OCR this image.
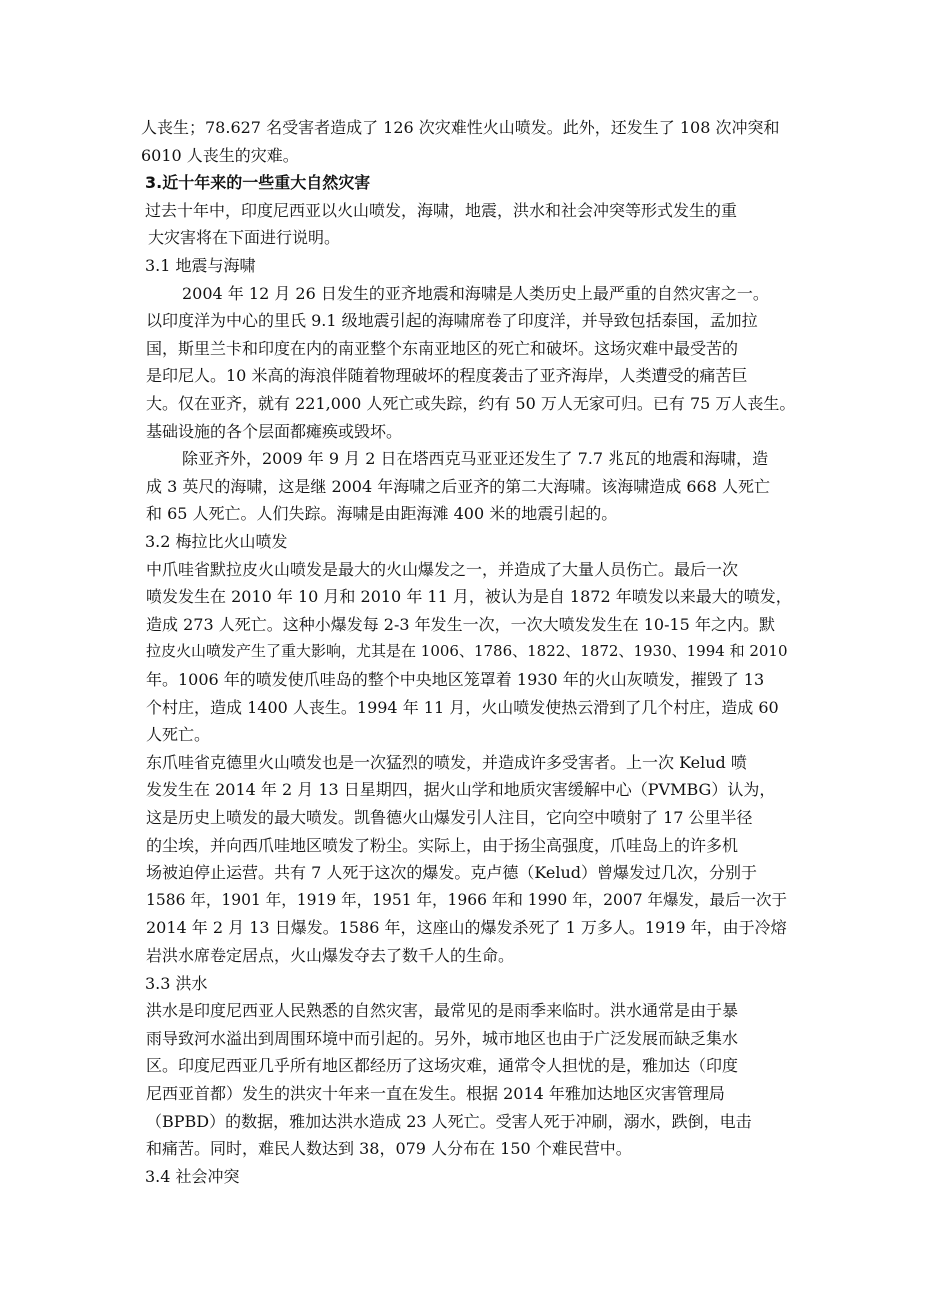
人丧生；78.627 名受害者造成了 126 次灾难性火山喷发。此外，还发生了 108 次冲突和
6010 人丧生的灾难。
3.近十年来的一些重大自然灾害
过去十年中，印度尼西亚以火山喷发，海啸，地震，洪水和社会冲突等形式发生的重
大灾害将在下面进行说明。
3.1 地震与海啸
2004 年 12 月 26 日发生的亚齐地震和海啸是人类历史上最严重的自然灾害之一。
以印度洋为中心的里氏 9.1 级地震引起的海啸席卷了印度洋，并导致包括泰国，孟加拉
国，斯里兰卡和印度在内的南亚整个东南亚地区的死亡和破坏。这场灾难中最受苦的
是印尼人。10 米高的海浪伴随着物理破坏的程度袭击了亚齐海岸，人类遭受的痛苦巨
大。仅在亚齐，就有 221,000 人死亡或失踪，约有 50 万人无家可归。已有 75 万人丧生。
基础设施的各个层面都瘫痪或毁坏。
除亚齐外，2009 年 9 月 2 日在塔西克马亚亚还发生了 7.7 兆瓦的地震和海啸，造
成 3 英尺的海啸，这是继 2004 年海啸之后亚齐的第二大海啸。该海啸造成 668 人死亡
和 65 人死亡。人们失踪。海啸是由距海滩 400 米的地震引起的。
3.2 梅拉比火山喷发
中爪哇省默拉皮火山喷发是最大的火山爆发之一，并造成了大量人员伤亡。最后一次
喷发发生在 2010 年 10 月和 2010 年 11 月，被认为是自 1872 年喷发以来最大的喷发，
造成 273 人死亡。这种小爆发每 2-3 年发生一次，一次大喷发发生在 10-15 年之内。默
拉皮火山喷发产生了重大影响，尤其是在 1006、1786、1822、1872、1930、1994 和 2010
年。1006 年的喷发使爪哇岛的整个中央地区笼罩着 1930 年的火山灰喷发，摧毁了 13
个村庄，造成 1400 人丧生。1994 年 11 月，火山喷发使热云滑到了几个村庄，造成 60
人死亡。
东爪哇省克德里火山喷发也是一次猛烈的喷发，并造成许多受害者。上一次 Kelud 喷
发发生在 2014 年 2 月 13 日星期四，据火山学和地质灾害缓解中心（PVMBG）认为，
这是历史上喷发的最大喷发。凯鲁德火山爆发引人注目，它向空中喷射了 17 公里半径
的尘埃，并向西爪哇地区喷发了粉尘。实际上，由于扬尘高强度，爪哇岛上的许多机
场被迫停止运营。共有 7 人死于这次的爆发。克卢德（Kelud）曾爆发过几次，分别于
1586 年，1901 年，1919 年，1951 年，1966 年和 1990 年，2007 年爆发，最后一次于
2014 年 2 月 13 日爆发。1586 年，这座山的爆发杀死了 1 万多人。1919 年，由于冷熔
岩洪水席卷定居点，火山爆发夺去了数千人的生命。
3.3 洪水
洪水是印度尼西亚人民熟悉的自然灾害，最常见的是雨季来临时。洪水通常是由于暴
雨导致河水溢出到周围环境中而引起的。另外，城市地区也由于广泛发展而缺乏集水
区。印度尼西亚几乎所有地区都经历了这场灾难，通常令人担忧的是，雅加达（印度
尼西亚首都）发生的洪灾十年来一直在发生。根据 2014 年雅加达地区灾害管理局
（BPBD）的数据，雅加达洪水造成 23 人死亡。受害人死于冲刷，溺水，跌倒，电击
和痛苦。同时，难民人数达到 38，079 人分布在 150 个难民营中。
3.4 社会冲突
